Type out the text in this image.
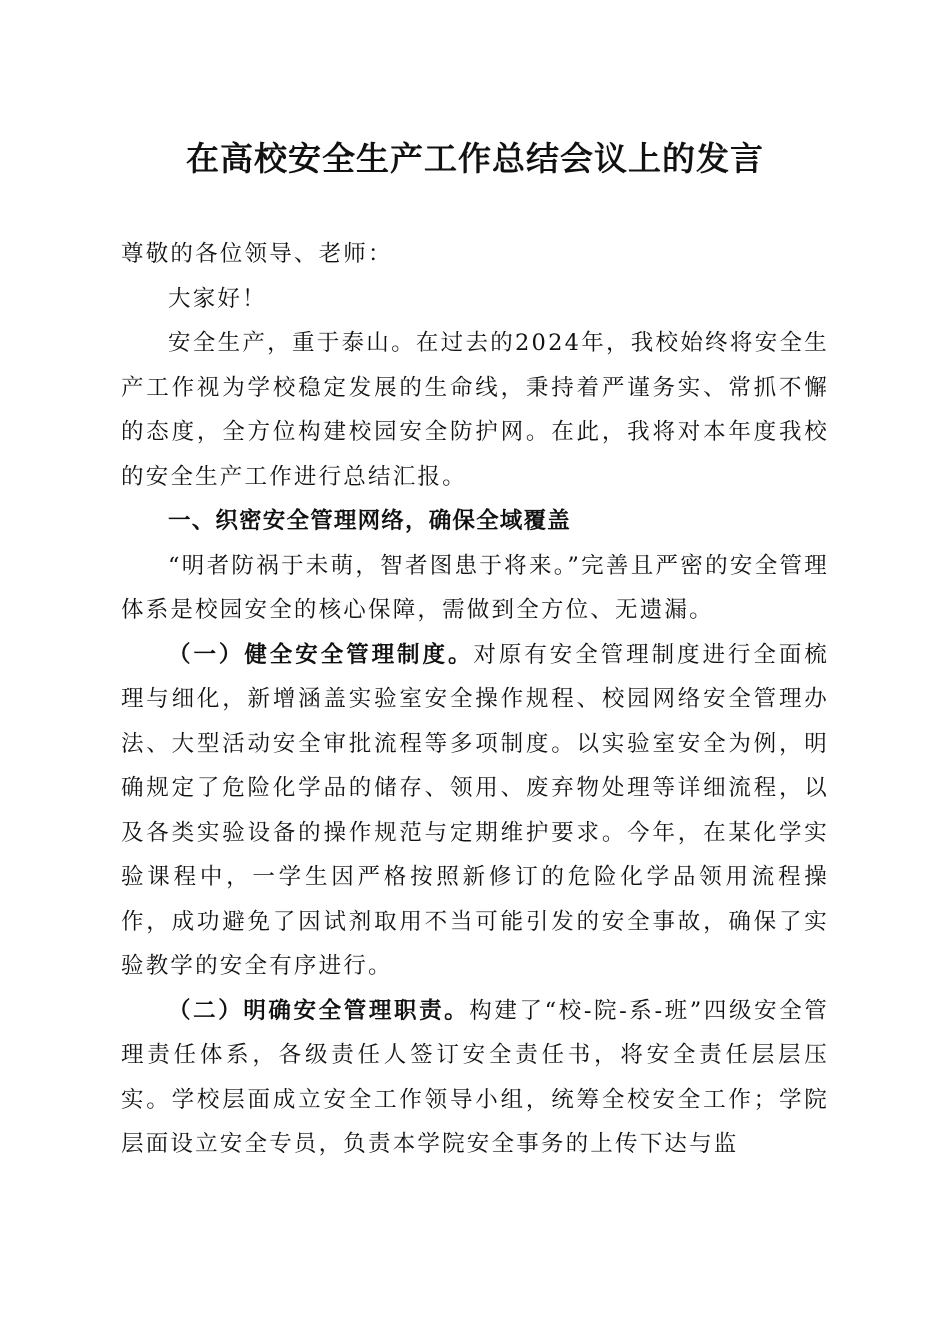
在高校安全生产工作总结会议上的发言

尊敬的各位领导、老师：

大家好！

安全生产，重于泰山。在过去的2024年，我校始终将安全生产工作视为学校稳定发展的生命线，秉持着严谨务实、常抓不懈的态度，全方位构建校园安全防护网。在此，我将对本年度我校的安全生产工作进行总结汇报。

一、织密安全管理网络，确保全域覆盖

“明者防祸于未萌，智者图患于将来。”完善且严密的安全管理体系是校园安全的核心保障，需做到全方位、无遗漏。

（一）健全安全管理制度。对原有安全管理制度进行全面梳理与细化，新增涵盖实验室安全操作规程、校园网络安全管理办法、大型活动安全审批流程等多项制度。以实验室安全为例，明确规定了危险化学品的储存、领用、废弃物处理等详细流程，以及各类实验设备的操作规范与定期维护要求。今年，在某化学实验课程中，一学生因严格按照新修订的危险化学品领用流程操作，成功避免了因试剂取用不当可能引发的安全事故，确保了实验教学的安全有序进行。

（二）明确安全管理职责。构建了“校-院-系-班”四级安全管理责任体系，各级责任人签订安全责任书，将安全责任层层压实。学校层面成立安全工作领导小组，统筹全校安全工作；学院层面设立安全专员，负责本学院安全事务的上传下达与监
